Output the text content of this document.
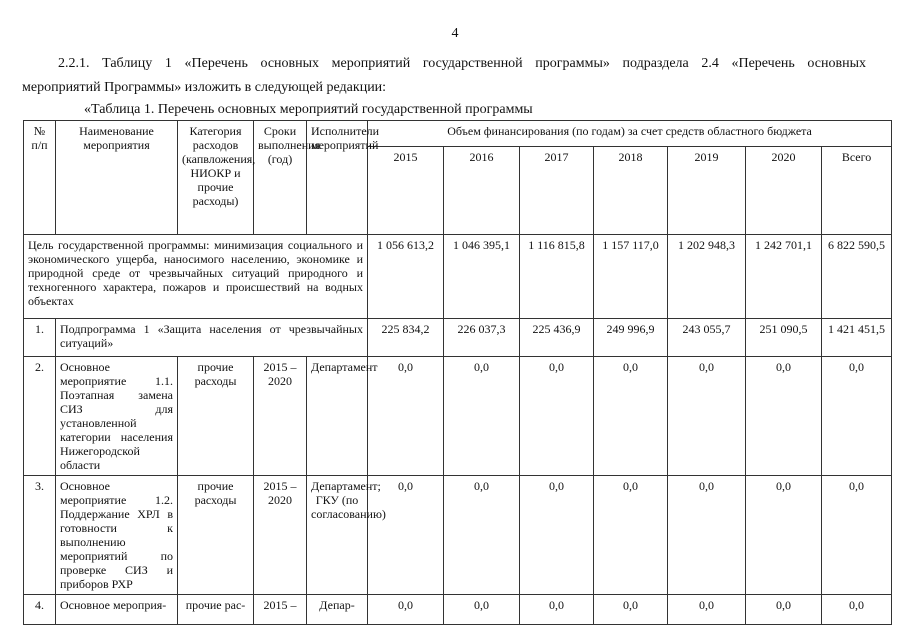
4
2.2.1. Таблицу 1 «Перечень основных мероприятий государственной программы» подраздела 2.4 «Перечень основных
мероприятий Программы» изложить в следующей редакции:
«Таблица 1. Перечень основных мероприятий государственной программы
№ п/п	Наименование мероприятия	Категория расходов (капвложения, НИОКР и прочие расходы)	Сроки выполнения (год)	Исполнители мероприятий	Объем финансирования (по годам) за счет средств областного бюджета						
					2015	2016	2017	2018	2019	2020	Всего
Цель государственной программы: минимизация социального и экономического ущерба, наносимого населению, экономике и природной среде от чрезвычайных ситуаций природного и техногенного характера, пожаров и происшествий на водных объектах					1 056 613,2	1 046 395,1	1 116 815,8	1 157 117,0	1 202 948,3	1 242 701,1	6 822 590,5
1.	Подпрограмма 1 «Защита населения от чрезвычайных ситуаций»				225 834,2	226 037,3	225 436,9	249 996,9	243 055,7	251 090,5	1 421 451,5
2.	Основное мероприятие 1.1. Поэтапная замена СИЗ для установленной категории населения Нижегородской области	прочие расходы	2015 – 2020	Департамент	0,0	0,0	0,0	0,0	0,0	0,0	0,0
3.	Основное мероприятие 1.2. Поддержание ХРЛ в готовности к выполнению мероприятий по проверке СИЗ и приборов РХР	прочие расходы	2015 – 2020	Департамент; ГКУ (по согласованию)	0,0	0,0	0,0	0,0	0,0	0,0	0,0
4.	Основное мероприя-	прочие рас-	2015 –	Депар-	0,0	0,0	0,0	0,0	0,0	0,0	0,0
